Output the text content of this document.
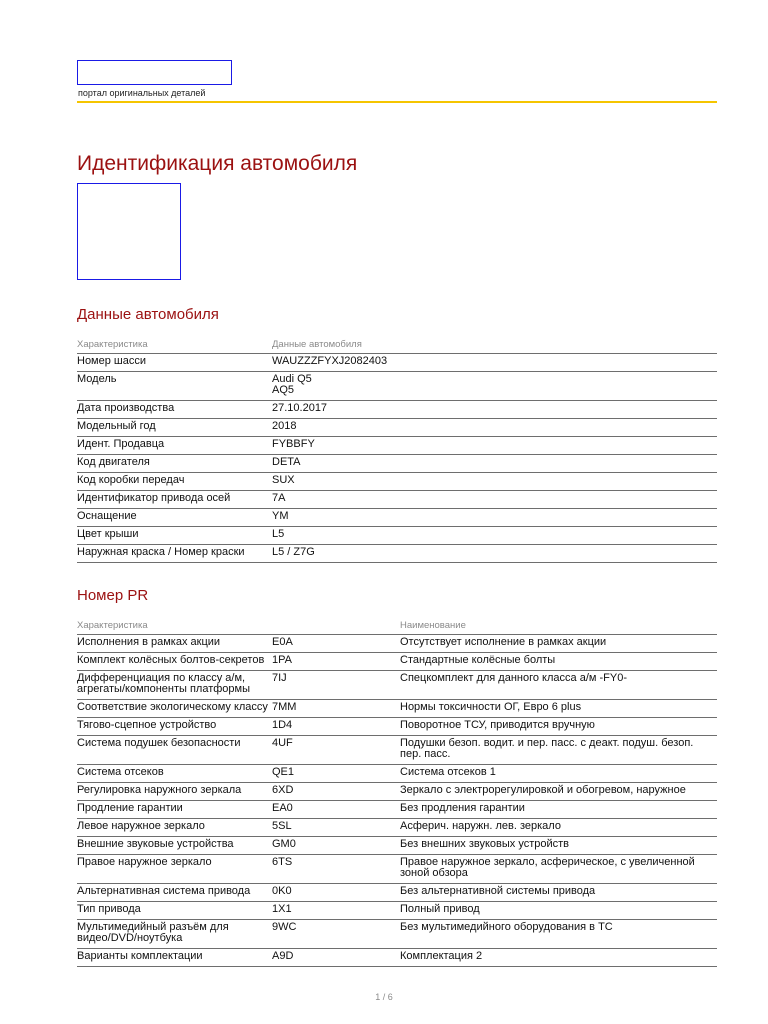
портал оригинальных деталей
Идентификация автомобиля
Данные автомобиля
Характеристика	Данные автомобиля
Номер шасси	WAUZZZFYXJ2082403
Модель	Audi Q5
AQ5
Дата производства	27.10.2017
Модельный год	2018
Идент. Продавца	FYBBFY
Код двигателя	DETA
Код коробки передач	SUX
Идентификатор привода осей	7A
Оснащение	YM
Цвет крыши	L5
Наружная краска / Номер краски	L5 / Z7G
Номер PR
Характеристика		Наименование
Исполнения в рамках акции	E0A	Отсутствует исполнение в рамках акции
Комплект колёсных болтов-секретов	1PA	Стандартные колёсные болты
Дифференциация по классу а/м, агрегаты/компоненты платформы	7IJ	Спецкомплект для данного класса а/м -FY0-
Соответствие экологическому классу	7MM	Нормы токсичности ОГ, Евро 6 plus
Тягово-сцепное устройство	1D4	Поворотное ТСУ, приводится вручную
Система подушек безопасности	4UF	Подушки безоп. водит. и пер. пасс. с деакт. подуш. безоп. пер. пасс.
Система отсеков	QE1	Система отсеков 1
Регулировка наружного зеркала	6XD	Зеркало с электрорегулировкой и обогревом, наружное
Продление гарантии	EA0	Без продления гарантии
Левое наружное зеркало	5SL	Асферич. наружн. лев. зеркало
Внешние звуковые устройства	GM0	Без внешних звуковых устройств
Правое наружное зеркало	6TS	Правое наружное зеркало, асферическое, с увеличенной зоной обзора
Альтернативная система привода	0K0	Без альтернативной системы привода
Тип привода	1X1	Полный привод
Мультимедийный разъём для видео/DVD/ноутбука	9WC	Без мультимедийного оборудования в ТС
Варианты комплектации	A9D	Комплектация 2
1 / 6
